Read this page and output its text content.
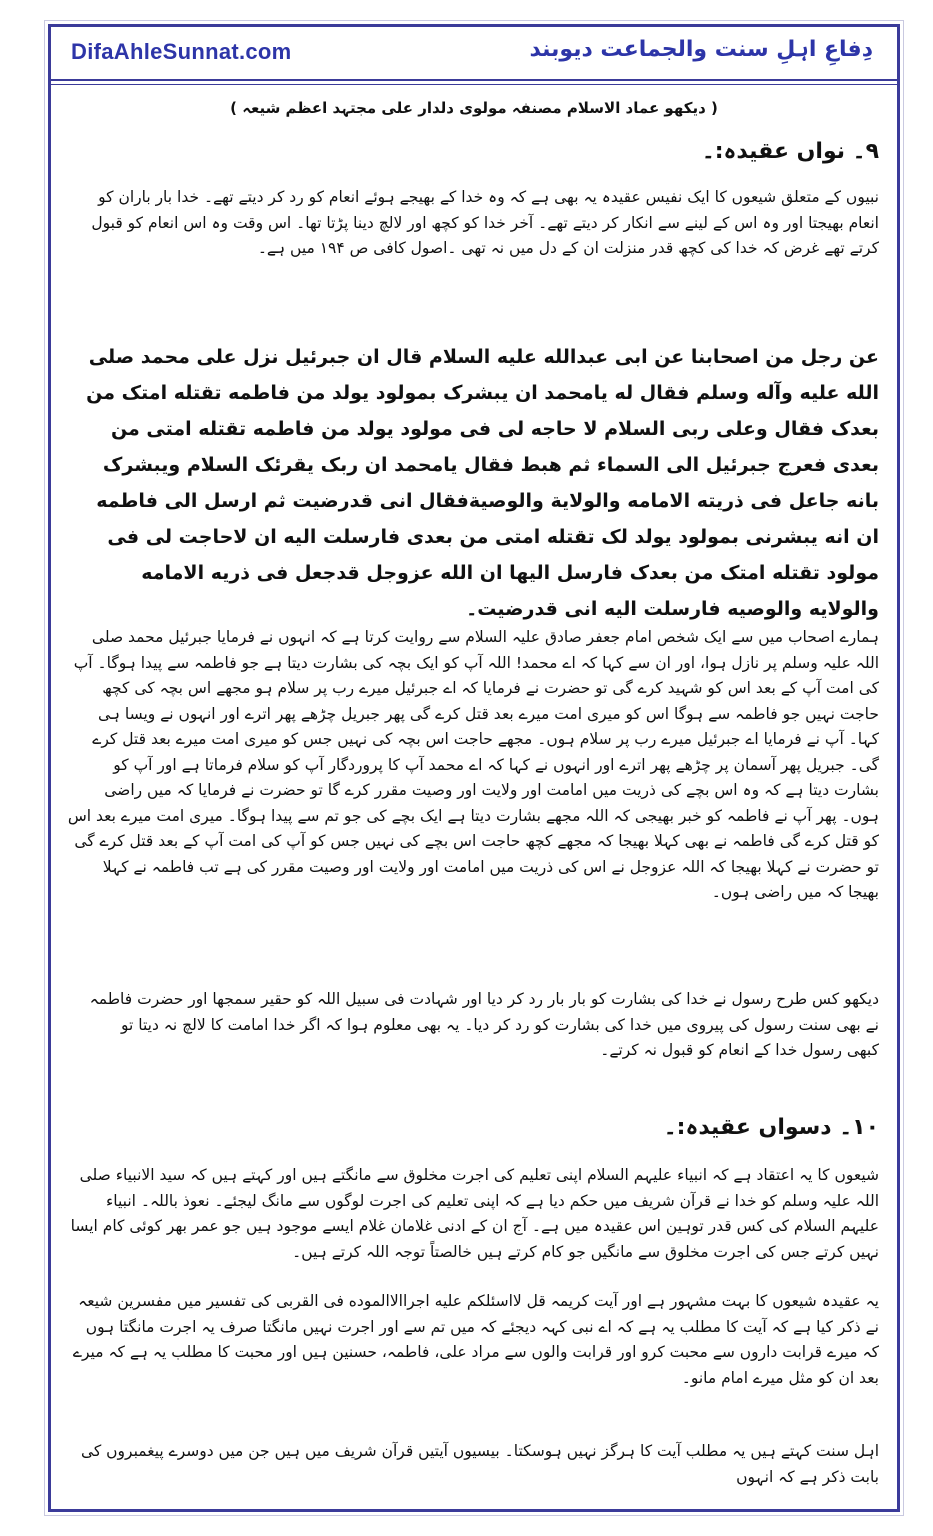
DifaAhleSunnat.com	دِفاعِ اہلِ سنت والجماعت دیوبند
( دیکھو عماد الاسلام مصنفہ مولوی دلدار علی مجتہد اعظم شیعہ )
۹۔ نواں عقیدہ:۔
نبیوں کے متعلق شیعوں کا ایک نفیس عقیدہ یہ بھی ہے کہ وہ خدا کے بھیجے ہوئے انعام کو رد کر دیتے تھے۔ خدا بار باران کو انعام بھیجتا اور وہ اس کے لینے سے انکار کر دیتے تھے۔ آخر خدا کو کچھ اور لالچ دینا پڑتا تھا۔ اس وقت وہ اس انعام کو قبول کرتے تھے غرض کہ خدا کی کچھ قدر منزلت ان کے دل میں نہ تھی ۔اصول کافی ص ۱۹۴ میں ہے۔
عن رجل من اصحابنا عن ابی عبدالله علیه السلام قال ان جبرئیل نزل علی محمد صلی الله علیه وآله وسلم فقال له یامحمد ان یبشرک بمولود یولد من فاطمه تقتله امتک من بعدک فقال وعلی ربی السلام لا حاجه لی فی مولود یولد من فاطمه تقتله امتی من بعدی فعرج جبرئیل الی السماء ثم هبط فقال یامحمد ان ربک یقرئک السلام ویبشرک بانه جاعل فی ذریته الامامه والولایة والوصیةفقال انی قدرضیت ثم ارسل الی فاطمه ان انه یبشرنی بمولود یولد لک تقتله امتی من بعدی فارسلت الیه ان لاحاجت لی فی مولود تقتله امتک من بعدک فارسل الیها ان الله عزوجل قدجعل فی ذریه الامامه والولایه والوصیه فارسلت الیه انی قدرضیت۔
ہمارے اصحاب میں سے ایک شخص امام جعفر صادق علیہ السلام سے روایت کرتا ہے کہ انہوں نے فرمایا جبرئیل محمد صلی اللہ علیہ وسلم پر نازل ہوا، اور ان سے کہا کہ اے محمد! اللہ آپ کو ایک بچہ کی بشارت دیتا ہے جو فاطمہ سے پیدا ہوگا۔ آپ کی امت آپ کے بعد اس کو شہید کرے گی تو حضرت نے فرمایا کہ اے جبرئیل میرے رب پر سلام ہو مجھے اس بچہ کی کچھ حاجت نہیں جو فاطمہ سے ہوگا اس کو میری امت میرے بعد قتل کرے گی پھر جبریل چڑھے پھر اترے اور انہوں نے ویسا ہی کہا۔ آپ نے فرمایا اے جبرئیل میرے رب پر سلام ہوں۔ مجھے حاجت اس بچہ کی نہیں جس کو میری امت میرے بعد قتل کرے گی۔ جبریل پھر آسمان پر چڑھے پھر اترے اور انہوں نے کہا کہ اے محمد آپ کا پروردگار آپ کو سلام فرماتا ہے اور آپ کو بشارت دیتا ہے کہ وہ اس بچے کی ذریت میں امامت اور ولایت اور وصیت مقرر کرے گا تو حضرت نے فرمایا کہ میں راضی ہوں۔ پھر آپ نے فاطمہ کو خبر بھیجی کہ اللہ مجھے بشارت دیتا ہے ایک بچے کی جو تم سے پیدا ہوگا۔ میری امت میرے بعد اس کو قتل کرے گی فاطمہ نے بھی کہلا بھیجا کہ مجھے کچھ حاجت اس بچے کی نہیں جس کو آپ کی امت آپ کے بعد قتل کرے گی تو حضرت نے کہلا بھیجا کہ اللہ عزوجل نے اس کی ذریت میں امامت اور ولایت اور وصیت مقرر کی ہے تب فاطمہ نے کہلا بھیجا کہ میں راضی ہوں۔
دیکھو کس طرح رسول نے خدا کی بشارت کو بار بار رد کر دیا اور شہادت فی سبیل اللہ کو حقیر سمجھا اور حضرت فاطمہ نے بھی سنت رسول کی پیروی میں خدا کی بشارت کو رد کر دیا۔ یہ بھی معلوم ہوا کہ اگر خدا امامت کا لالچ نہ دیتا تو کبھی رسول خدا کے انعام کو قبول نہ کرتے۔
۱۰۔ دسواں عقیدہ:۔
شیعوں کا یہ اعتقاد ہے کہ انبیاء علیہم السلام اپنی تعلیم کی اجرت مخلوق سے مانگتے ہیں اور کہتے ہیں کہ سید الانبیاء صلی اللہ علیہ وسلم کو خدا نے قرآن شریف میں حکم دیا ہے کہ اپنی تعلیم کی اجرت لوگوں سے مانگ لیجئے۔ نعوذ باللہ۔ انبیاء علیہم السلام کی کس قدر توہین اس عقیدہ میں ہے۔ آج ان کے ادنی غلامان غلام ایسے موجود ہیں جو عمر بھر کوئی کام ایسا نہیں کرتے جس کی اجرت مخلوق سے مانگیں جو کام کرتے ہیں خالصتاً توجہ اللہ کرتے ہیں۔
یہ عقیدہ شیعوں کا بہت مشہور ہے اور آیت کریمہ قل لااسئلکم علیه اجراالاالموده فی القربی کی تفسیر میں مفسرین شیعہ نے ذکر کیا ہے کہ آیت کا مطلب یہ ہے کہ اے نبی کہہ دیجئے کہ میں تم سے اور اجرت نہیں مانگتا صرف یہ اجرت مانگتا ہوں کہ میرے قرابت داروں سے محبت کرو اور قرابت والوں سے مراد علی، فاطمہ، حسنین ہیں اور محبت کا مطلب یہ ہے کہ میرے بعد ان کو مثل میرے امام مانو۔
اہل سنت کہتے ہیں یہ مطلب آیت کا ہرگز نہیں ہوسکتا۔ بیسیوں آیتیں قرآن شریف میں ہیں جن میں دوسرے پیغمبروں کی بابت ذکر ہے کہ انہوں
